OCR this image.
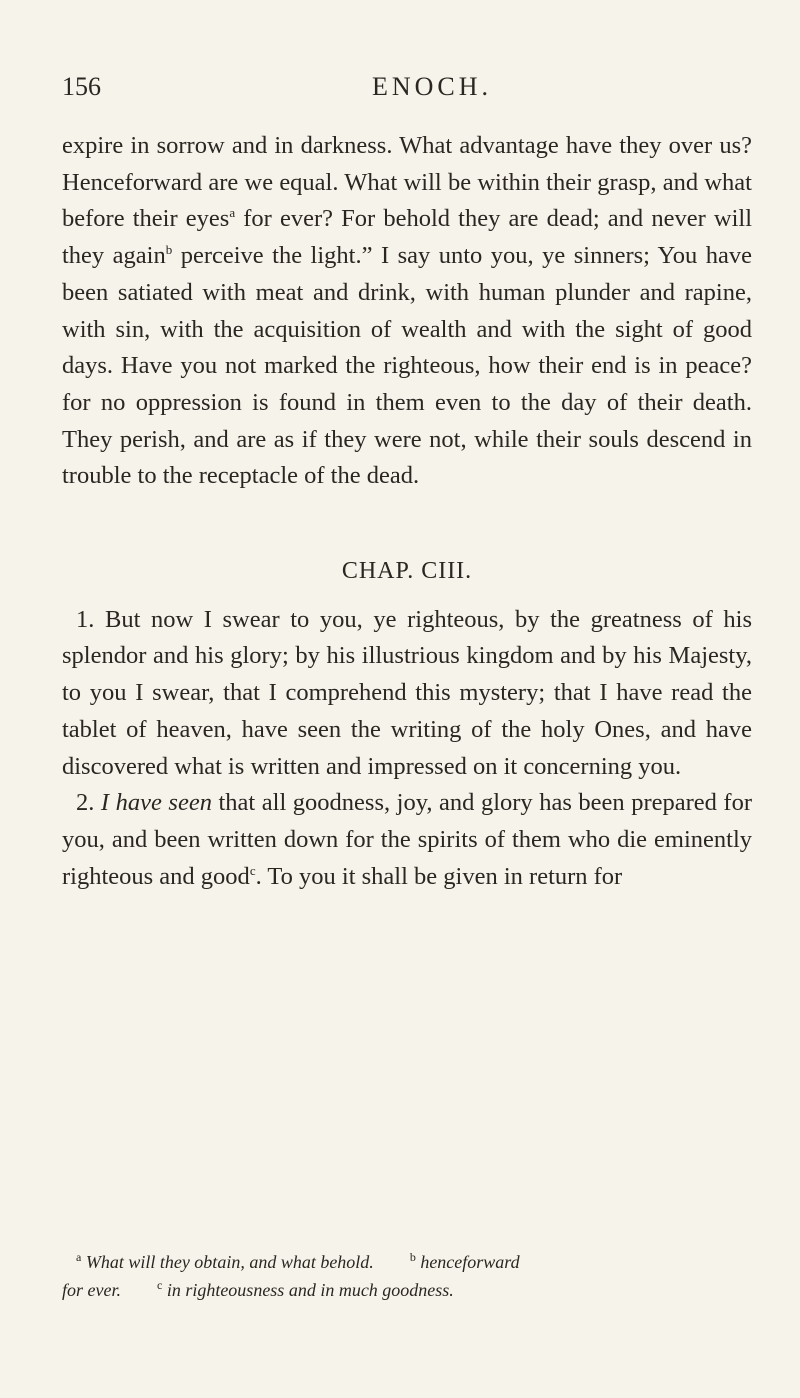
156	ENOCH.

expire in sorrow and in darkness. What advantage have they over us? Henceforward are we equal. What will be within their grasp, and what before their eyes$^a$ for ever? For behold they are dead; and never will they again$^b$ perceive the light.” I say unto you, ye sinners; You have been satiated with meat and drink, with human plunder and rapine, with sin, with the acquisition of wealth and with the sight of good days. Have you not marked the righteous, how their end is in peace? for no oppression is found in them even to the day of their death. They perish, and are as if they were not, while their souls descend in trouble to the receptacle of the dead.

CHAP. CIII.

1. But now I swear to you, ye righteous, by the greatness of his splendor and his glory; by his illustrious kingdom and by his Majesty, to you I swear, that I comprehend this mystery; that I have read the tablet of heaven, have seen the writing of the holy Ones, and have discovered what is written and impressed on it concerning you.

2. I have seen that all goodness, joy, and glory has been prepared for you, and been written down for the spirits of them who die eminently righteous and good$^c$. To you it shall be given in return for

$^a$ What will they obtain, and what behold.	$^b$ henceforward
for ever.	$^c$ in righteousness and in much goodness.
